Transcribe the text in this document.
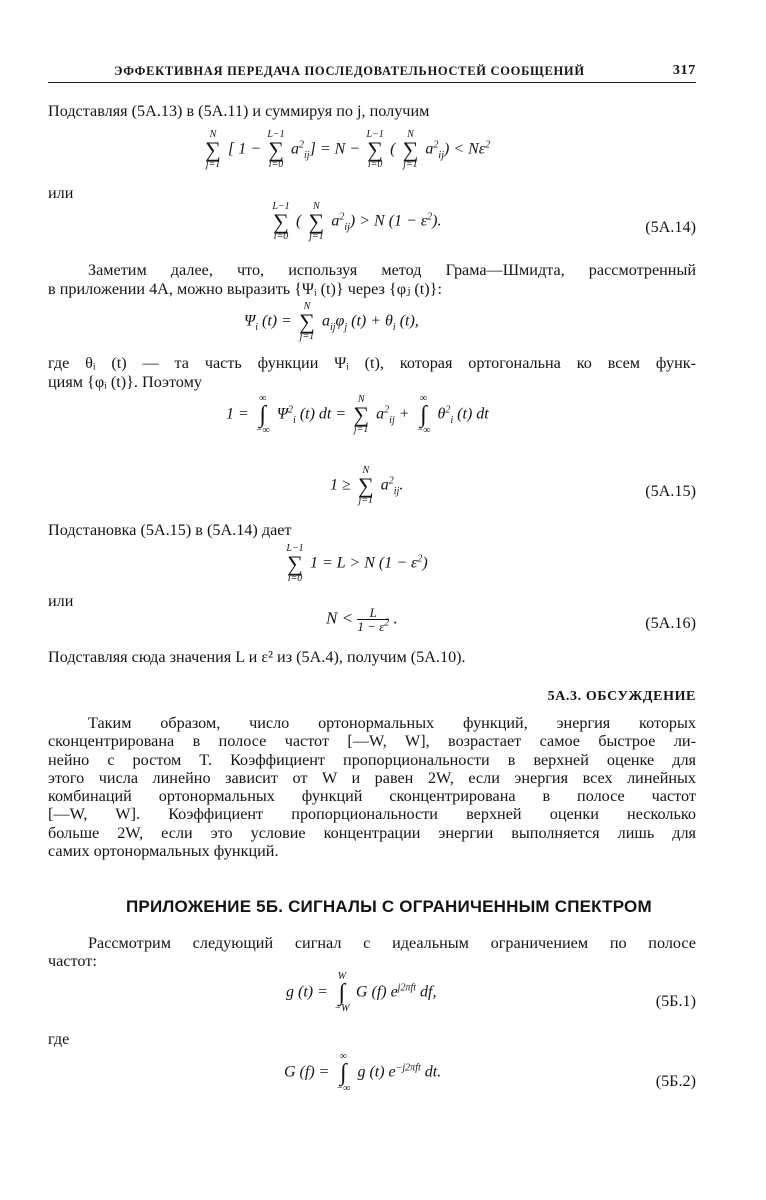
ЭФФЕКТИВНАЯ ПЕРЕДАЧА ПОСЛЕДОВАТЕЛЬНОСТЕЙ СООБЩЕНИЙ	317
Подставляя (5А.13) в (5А.11) и суммируя по j, получим
N
∑
j=1
[ 1 −
L−1
∑
i=0
$a^2_{ij}] = N$ −
L−1
∑
i=0
(
N
∑
j=1
$a^2_{ij}) < N\varepsilon^2$
или
L−1
∑
i=0
(
N
∑
j=1
$a^2_{ij}) > N$ $(1 - \varepsilon^2)$.	(5А.14)
Заметим далее, что, используя метод Грама—Шмидта, рассмотренный
в приложении 4А, можно выразить {Ψᵢ (t)} через {φⱼ (t)}:
$\Psi_i$ (t) =
N
∑
j=1
$a_{ij}\varphi_j$ $(t) + \theta_i$ (t),
где θᵢ (t) — та часть функции Ψᵢ (t), которая ортогональна ко всем функ-
циям {φᵢ (t)}. Поэтому
1 =
∞
∫
−∞
$\Psi^2_i$ (t) dt =
N
∑
j=1
$a^2_{ij}$ +
∞
∫
−∞
$\theta^2_i$ (t) dt
1 ≥
N
∑
j=1
$a^2_{ij}$.	(5А.15)
Подстановка (5А.15) в (5А.14) дает
L−1
∑
i=0
1 = L > N $(1 - \varepsilon^2)$
или
$N < \frac{L}{1 - \varepsilon^2}$ .	(5А.16)
Подставляя сюда значения L и ε² из (5А.4), получим (5А.10).
5А.3. ОБСУЖДЕНИЕ
Таким образом, число ортонормальных функций, энергия которых
сконцентрирована в полосе частот [—W, W], возрастает самое быстрое ли-
нейно с ростом T. Коэффициент пропорциональности в верхней оценке для
этого числа линейно зависит от W и равен 2W, если энергия всех линейных
комбинаций ортонормальных функций сконцентрирована в полосе частот
[—W, W]. Коэффициент пропорциональности верхней оценки несколько
больше 2W, если это условие концентрации энергии выполняется лишь для
самих ортонормальных функций.
ПРИЛОЖЕНИЕ 5Б. СИГНАЛЫ С ОГРАНИЧЕННЫМ СПЕКТРОМ
Рассмотрим следующий сигнал с идеальным ограничением по полосе
частот:
g (t) =
W
∫
−W
G (f) $e^{j2\pi ft}$ df,	(5Б.1)
где
G (f) =
∞
∫
−∞
g (t) $e^{-j2\pi ft}$ dt.	(5Б.2)
